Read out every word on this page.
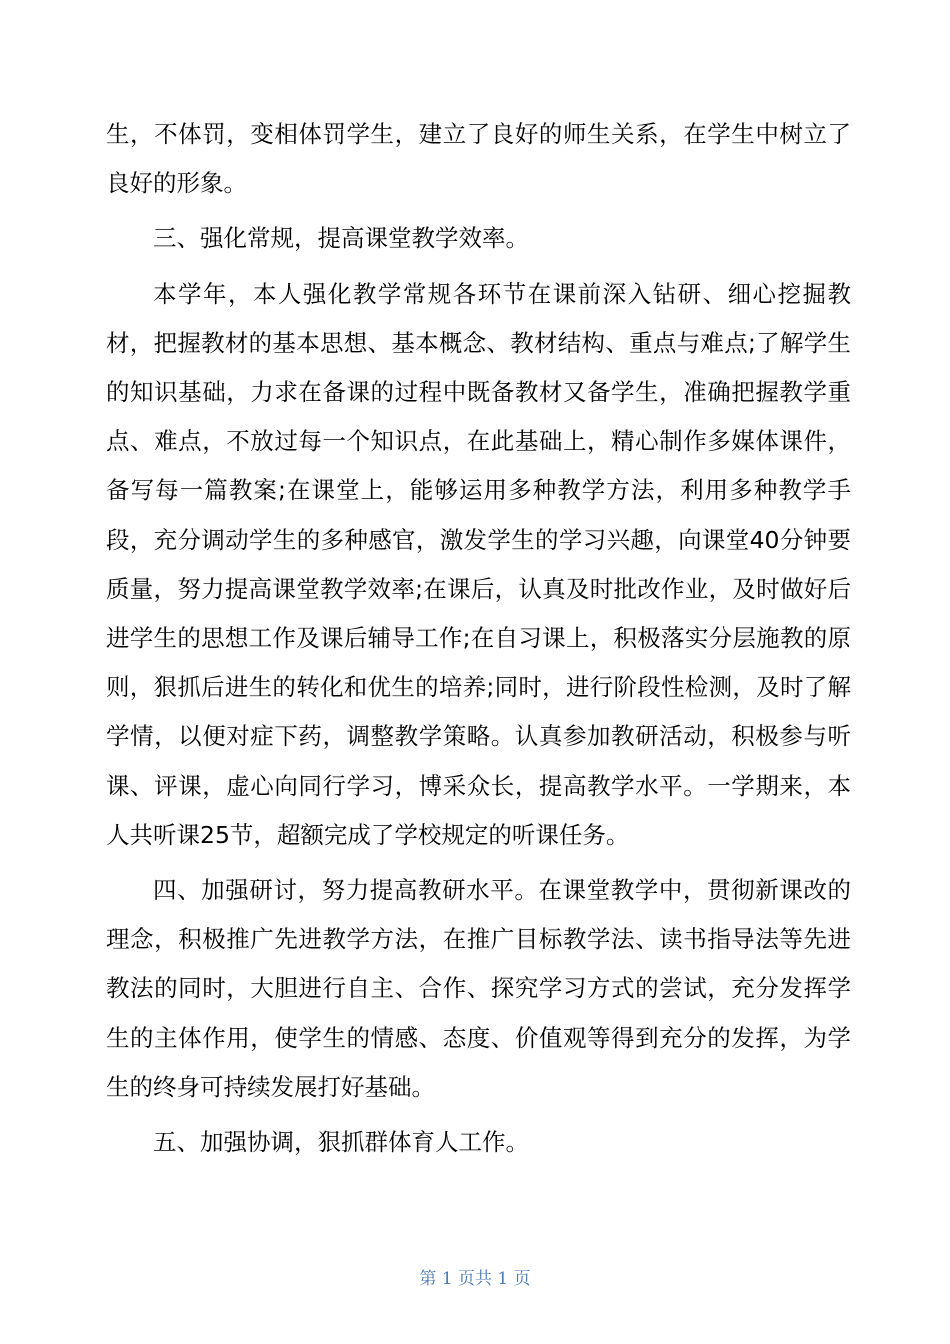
生，不体罚，变相体罚学生，建立了良好的师生关系，在学生中树立了良好的形象。

三、强化常规，提高课堂教学效率。

本学年，本人强化教学常规各环节在课前深入钻研、细心挖掘教材，把握教材的基本思想、基本概念、教材结构、重点与难点;了解学生的知识基础，力求在备课的过程中既备教材又备学生，准确把握教学重点、难点，不放过每一个知识点，在此基础上，精心制作多媒体课件，备写每一篇教案;在课堂上，能够运用多种教学方法，利用多种教学手段，充分调动学生的多种感官，激发学生的学习兴趣，向课堂40分钟要质量，努力提高课堂教学效率;在课后，认真及时批改作业，及时做好后进学生的思想工作及课后辅导工作;在自习课上，积极落实分层施教的原则，狠抓后进生的转化和优生的培养;同时，进行阶段性检测，及时了解学情，以便对症下药，调整教学策略。认真参加教研活动，积极参与听课、评课，虚心向同行学习，博采众长，提高教学水平。一学期来，本人共听课25节，超额完成了学校规定的听课任务。

四、加强研讨，努力提高教研水平。在课堂教学中，贯彻新课改的理念，积极推广先进教学方法，在推广目标教学法、读书指导法等先进教法的同时，大胆进行自主、合作、探究学习方式的尝试，充分发挥学生的主体作用，使学生的情感、态度、价值观等得到充分的发挥，为学生的终身可持续发展打好基础。

五、加强协调，狠抓群体育人工作。

第 1 页共 1 页
